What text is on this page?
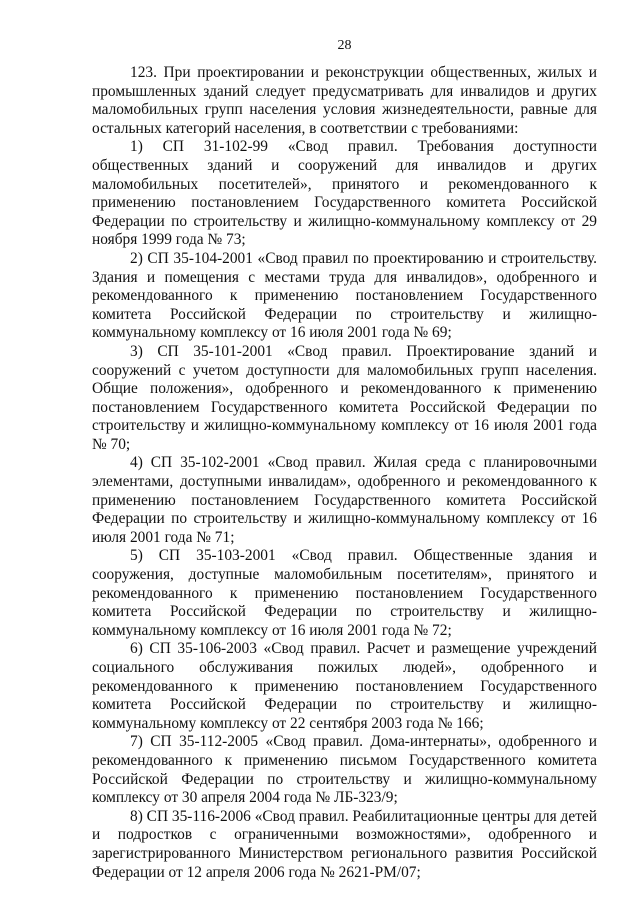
28

123. При проектировании и реконструкции общественных, жилых и промышленных зданий следует предусматривать для инвалидов и других маломобильных групп населения условия жизнедеятельности, равные для остальных категорий населения, в соответствии с требованиями:

1) СП 31-102-99 «Свод правил. Требования доступности общественных зданий и сооружений для инвалидов и других маломобильных посетителей», принятого и рекомендованного к применению постановлением Государственного комитета Российской Федерации по строительству и жилищно-коммунальному комплексу от 29 ноября 1999 года № 73;

2) СП 35-104-2001 «Свод правил по проектированию и строительству. Здания и помещения с местами труда для инвалидов», одобренного и рекомендованного к применению постановлением Государственного комитета Российской Федерации по строительству и жилищно-коммунальному комплексу от 16 июля 2001 года № 69;

3) СП 35-101-2001 «Свод правил. Проектирование зданий и сооружений с учетом доступности для маломобильных групп населения. Общие положения», одобренного и рекомендованного к применению постановлением Государственного комитета Российской Федерации по строительству и жилищно-коммунальному комплексу от 16 июля 2001 года № 70;

4) СП 35-102-2001 «Свод правил. Жилая среда с планировочными элементами, доступными инвалидам», одобренного и рекомендованного к применению постановлением Государственного комитета Российской Федерации по строительству и жилищно-коммунальному комплексу от 16 июля 2001 года № 71;

5) СП 35-103-2001 «Свод правил. Общественные здания и сооружения, доступные маломобильным посетителям», принятого и рекомендованного к применению постановлением Государственного комитета Российской Федерации по строительству и жилищно-коммунальному комплексу от 16 июля 2001 года № 72;

6) СП 35-106-2003 «Свод правил. Расчет и размещение учреждений социального обслуживания пожилых людей», одобренного и рекомендованного к применению постановлением Государственного комитета Российской Федерации по строительству и жилищно-коммунальному комплексу от 22 сентября 2003 года № 166;

7) СП 35-112-2005 «Свод правил. Дома-интернаты», одобренного и рекомендованного к применению письмом Государственного комитета Российской Федерации по строительству и жилищно-коммунальному комплексу от 30 апреля 2004 года № ЛБ-323/9;

8) СП 35-116-2006 «Свод правил. Реабилитационные центры для детей и подростков с ограниченными возможностями», одобренного и зарегистрированного Министерством регионального развития Российской Федерации от 12 апреля 2006 года № 2621-РМ/07;
